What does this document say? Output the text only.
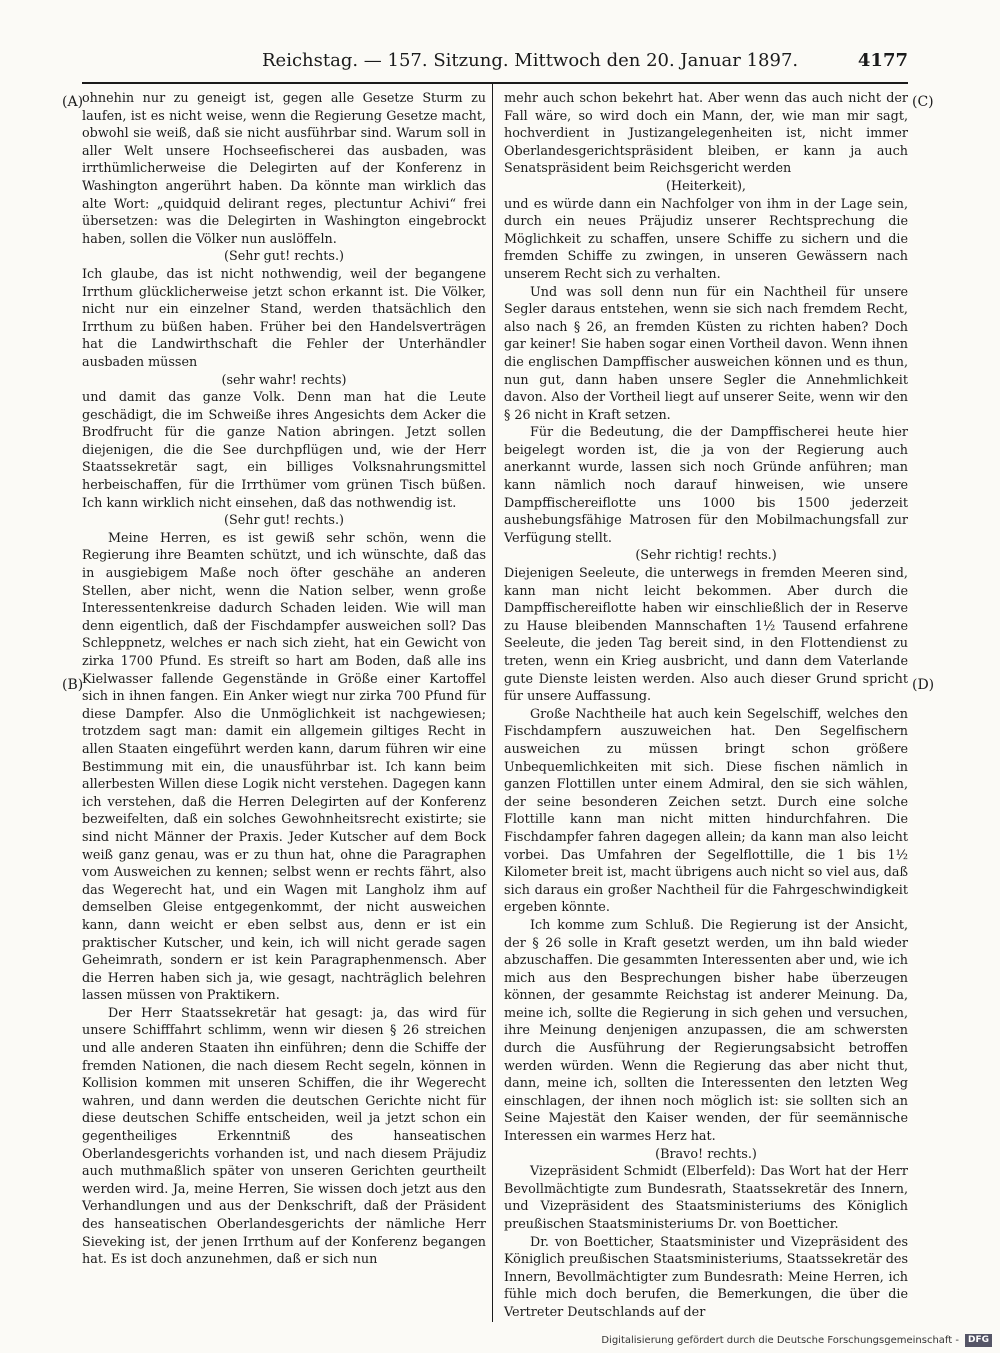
Reichstag. — 157. Sitzung. Mittwoch den 20. Januar 1897.	4177
(A)
(B)
(C)
(D)

ohnehin nur zu geneigt ist, gegen alle Gesetze Sturm zu laufen, ist es nicht weise, wenn die Regierung Gesetze macht, obwohl sie weiß, daß sie nicht ausführbar sind. Warum soll in aller Welt unsere Hochseefischerei das ausbaden, was irrthümlicherweise die Delegirten auf der Konferenz in Washington angerührt haben. Da könnte man wirklich das alte Wort: „quidquid delirant reges, plectuntur Achivi“ frei übersetzen: was die Delegirten in Washington eingebrockt haben, sollen die Völker nun auslöffeln.

(Sehr gut! rechts.)

Ich glaube, das ist nicht nothwendig, weil der begangene Irrthum glücklicherweise jetzt schon erkannt ist. Die Völker, nicht nur ein einzelner Stand, werden thatsächlich den Irrthum zu büßen haben. Früher bei den Handelsverträgen hat die Landwirthschaft die Fehler der Unterhändler ausbaden müssen

(sehr wahr! rechts)

und damit das ganze Volk. Denn man hat die Leute geschädigt, die im Schweiße ihres Angesichts dem Acker die Brodfrucht für die ganze Nation abringen. Jetzt sollen diejenigen, die die See durchpflügen und, wie der Herr Staatssekretär sagt, ein billiges Volksnahrungsmittel herbeischaffen, für die Irrthümer vom grünen Tisch büßen. Ich kann wirklich nicht einsehen, daß das nothwendig ist.

(Sehr gut! rechts.)

Meine Herren, es ist gewiß sehr schön, wenn die Regierung ihre Beamten schützt, und ich wünschte, daß das in ausgiebigem Maße noch öfter geschähe an anderen Stellen, aber nicht, wenn die Nation selber, wenn große Interessentenkreise dadurch Schaden leiden. Wie will man denn eigentlich, daß der Fischdampfer ausweichen soll? Das Schleppnetz, welches er nach sich zieht, hat ein Gewicht von zirka 1700 Pfund. Es streift so hart am Boden, daß alle ins Kielwasser fallende Gegenstände in Größe einer Kartoffel sich in ihnen fangen. Ein Anker wiegt nur zirka 700 Pfund für diese Dampfer. Also die Unmöglichkeit ist nachgewiesen; trotzdem sagt man: damit ein allgemein giltiges Recht in allen Staaten eingeführt werden kann, darum führen wir eine Bestimmung mit ein, die unausführbar ist. Ich kann beim allerbesten Willen diese Logik nicht verstehen. Dagegen kann ich verstehen, daß die Herren Delegirten auf der Konferenz bezweifelten, daß ein solches Gewohnheitsrecht existirte; sie sind nicht Männer der Praxis. Jeder Kutscher auf dem Bock weiß ganz genau, was er zu thun hat, ohne die Paragraphen vom Ausweichen zu kennen; selbst wenn er rechts fährt, also das Wegerecht hat, und ein Wagen mit Langholz ihm auf demselben Gleise entgegenkommt, der nicht ausweichen kann, dann weicht er eben selbst aus, denn er ist ein praktischer Kutscher, und kein, ich will nicht gerade sagen Geheimrath, sondern er ist kein Paragraphenmensch. Aber die Herren haben sich ja, wie gesagt, nachträglich belehren lassen müssen von Praktikern.

Der Herr Staatssekretär hat gesagt: ja, das wird für unsere Schifffahrt schlimm, wenn wir diesen § 26 streichen und alle anderen Staaten ihn einführen; denn die Schiffe der fremden Nationen, die nach diesem Recht segeln, können in Kollision kommen mit unseren Schiffen, die ihr Wegerecht wahren, und dann werden die deutschen Gerichte nicht für diese deutschen Schiffe entscheiden, weil ja jetzt schon ein gegentheiliges Erkenntniß des hanseatischen Oberlandesgerichts vorhanden ist, und nach diesem Präjudiz auch muthmaßlich später von unseren Gerichten geurtheilt werden wird. Ja, meine Herren, Sie wissen doch jetzt aus den Verhandlungen und aus der Denkschrift, daß der Präsident des hanseatischen Oberlandesgerichts der nämliche Herr Sieveking ist, der jenen Irrthum auf der Konferenz begangen hat. Es ist doch anzunehmen, daß er sich nun

mehr auch schon bekehrt hat. Aber wenn das auch nicht der Fall wäre, so wird doch ein Mann, der, wie man mir sagt, hochverdient in Justizangelegenheiten ist, nicht immer Oberlandesgerichtspräsident bleiben, er kann ja auch Senatspräsident beim Reichsgericht werden

(Heiterkeit),

und es würde dann ein Nachfolger von ihm in der Lage sein, durch ein neues Präjudiz unserer Rechtsprechung die Möglichkeit zu schaffen, unsere Schiffe zu sichern und die fremden Schiffe zu zwingen, in unseren Gewässern nach unserem Recht sich zu verhalten.

Und was soll denn nun für ein Nachtheil für unsere Segler daraus entstehen, wenn sie sich nach fremdem Recht, also nach § 26, an fremden Küsten zu richten haben? Doch gar keiner! Sie haben sogar einen Vortheil davon. Wenn ihnen die englischen Dampffischer ausweichen können und es thun, nun gut, dann haben unsere Segler die Annehmlichkeit davon. Also der Vortheil liegt auf unserer Seite, wenn wir den § 26 nicht in Kraft setzen.

Für die Bedeutung, die der Dampffischerei heute hier beigelegt worden ist, die ja von der Regierung auch anerkannt wurde, lassen sich noch Gründe anführen; man kann nämlich noch darauf hinweisen, wie unsere Dampffischereiflotte uns 1000 bis 1500 jederzeit aushebungsfähige Matrosen für den Mobilmachungsfall zur Verfügung stellt.

(Sehr richtig! rechts.)

Diejenigen Seeleute, die unterwegs in fremden Meeren sind, kann man nicht leicht bekommen. Aber durch die Dampffischereiflotte haben wir einschließlich der in Reserve zu Hause bleibenden Mannschaften 1½ Tausend erfahrene Seeleute, die jeden Tag bereit sind, in den Flottendienst zu treten, wenn ein Krieg ausbricht, und dann dem Vaterlande gute Dienste leisten werden. Also auch dieser Grund spricht für unsere Auffassung.

Große Nachtheile hat auch kein Segelschiff, welches den Fischdampfern auszuweichen hat. Den Segelfischern ausweichen zu müssen bringt schon größere Unbequemlichkeiten mit sich. Diese fischen nämlich in ganzen Flottillen unter einem Admiral, den sie sich wählen, der seine besonderen Zeichen setzt. Durch eine solche Flottille kann man nicht mitten hindurchfahren. Die Fischdampfer fahren dagegen allein; da kann man also leicht vorbei. Das Umfahren der Segelflottille, die 1 bis 1½ Kilometer breit ist, macht übrigens auch nicht so viel aus, daß sich daraus ein großer Nachtheil für die Fahrgeschwindigkeit ergeben könnte.

Ich komme zum Schluß. Die Regierung ist der Ansicht, der § 26 solle in Kraft gesetzt werden, um ihn bald wieder abzuschaffen. Die gesammten Interessenten aber und, wie ich mich aus den Besprechungen bisher habe überzeugen können, der gesammte Reichstag ist anderer Meinung. Da, meine ich, sollte die Regierung in sich gehen und versuchen, ihre Meinung denjenigen anzupassen, die am schwersten durch die Ausführung der Regierungsabsicht betroffen werden würden. Wenn die Regierung das aber nicht thut, dann, meine ich, sollten die Interessenten den letzten Weg einschlagen, der ihnen noch möglich ist: sie sollten sich an Seine Majestät den Kaiser wenden, der für seemännische Interessen ein warmes Herz hat.

(Bravo! rechts.)

Vizepräsident Schmidt (Elberfeld): Das Wort hat der Herr Bevollmächtigte zum Bundesrath, Staatssekretär des Innern, und Vizepräsident des Staatsministeriums des Königlich preußischen Staatsministeriums Dr. von Boetticher.

Dr. von Boetticher, Staatsminister und Vizepräsident des Königlich preußischen Staatsministeriums, Staatssekretär des Innern, Bevollmächtigter zum Bundesrath: Meine Herren, ich fühle mich doch berufen, die Bemerkungen, die über die Vertreter Deutschlands auf der

Digitalisierung gefördert durch die Deutsche Forschungsgemeinschaft - DFG
